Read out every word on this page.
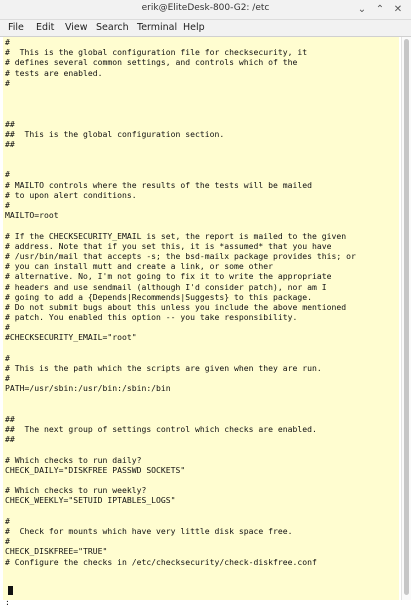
erik@EliteDesk-800-G2: /etc	⌄ ⌃ ✕
File Edit View Search Terminal Help
#
#  This is the global configuration file for checksecurity, it
# defines several common settings, and controls which of the
# tests are enabled.
#
##
##  This is the global configuration section.
##
#
# MAILTO controls where the results of the tests will be mailed
# to upon alert conditions.
#
MAILTO=root
# If the CHECKSECURITY_EMAIL is set, the report is mailed to the given
# address. Note that if you set this, it is *assumed* that you have
# /usr/bin/mail that accepts -s; the bsd-mailx package provides this; or
# you can install mutt and create a link, or some other
# alternative. No, I'm not going to fix it to write the appropriate
# headers and use sendmail (although I'd consider patch), nor am I
# going to add a {Depends|Recommends|Suggests} to this package.
# Do not submit bugs about this unless you include the above mentioned
# patch. You enabled this option -- you take responsibility.
#
#CHECKSECURITY_EMAIL="root"
#
# This is the path which the scripts are given when they are run.
#
PATH=/usr/sbin:/usr/bin:/sbin:/bin
##
##  The next group of settings control which checks are enabled.
##
# Which checks to run daily?
CHECK_DAILY="DISKFREE PASSWD SOCKETS"
# Which checks to run weekly?
CHECK_WEEKLY="SETUID IPTABLES_LOGS"
#
#  Check for mounts which have very little disk space free.
#
CHECK_DISKFREE="TRUE"
# Configure the checks in /etc/checksecurity/check-diskfree.conf
:
